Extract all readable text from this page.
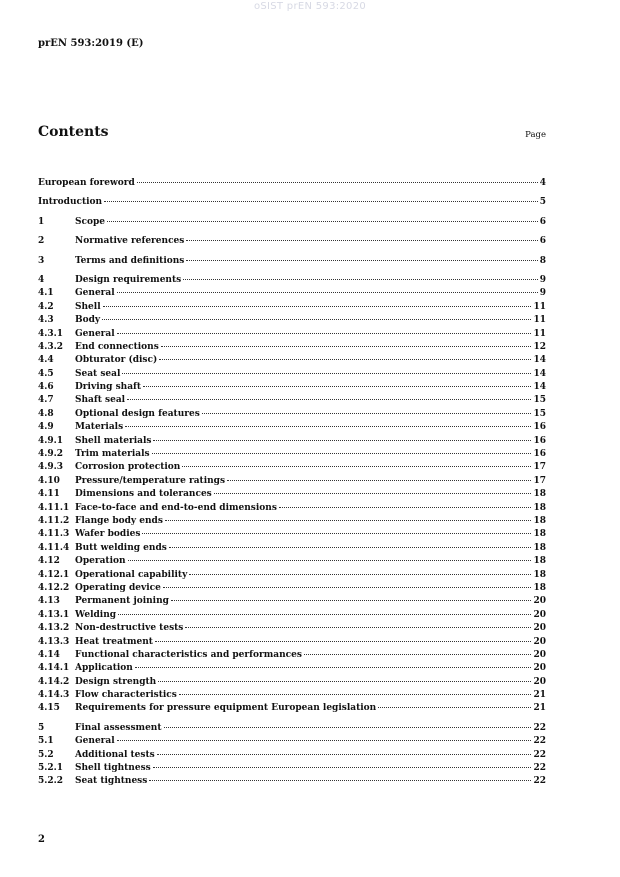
oSIST prEN 593:2020
prEN 593:2019 (E)
Contents	Page
European foreword	4
Introduction	5
1	Scope	6
2	Normative references	6
3	Terms and definitions	8
4	Design requirements	9
4.1	General	9
4.2	Shell	11
4.3	Body	11
4.3.1	General	11
4.3.2	End connections	12
4.4	Obturator (disc)	14
4.5	Seat seal	14
4.6	Driving shaft	14
4.7	Shaft seal	15
4.8	Optional design features	15
4.9	Materials	16
4.9.1	Shell materials	16
4.9.2	Trim materials	16
4.9.3	Corrosion protection	17
4.10	Pressure/temperature ratings	17
4.11	Dimensions and tolerances	18
4.11.1 Face-to-face and end-to-end dimensions	18
4.11.2 Flange body ends	18
4.11.3 Wafer bodies	18
4.11.4 Butt welding ends	18
4.12	Operation	18
4.12.1 Operational capability	18
4.12.2 Operating device	18
4.13	Permanent joining	20
4.13.1 Welding	20
4.13.2 Non-destructive tests	20
4.13.3 Heat treatment	20
4.14	Functional characteristics and performances	20
4.14.1 Application	20
4.14.2 Design strength	20
4.14.3 Flow characteristics	21
4.15	Requirements for pressure equipment European legislation	21
5	Final assessment	22
5.1	General	22
5.2	Additional tests	22
5.2.1	Shell tightness	22
5.2.2	Seat tightness	22
2
